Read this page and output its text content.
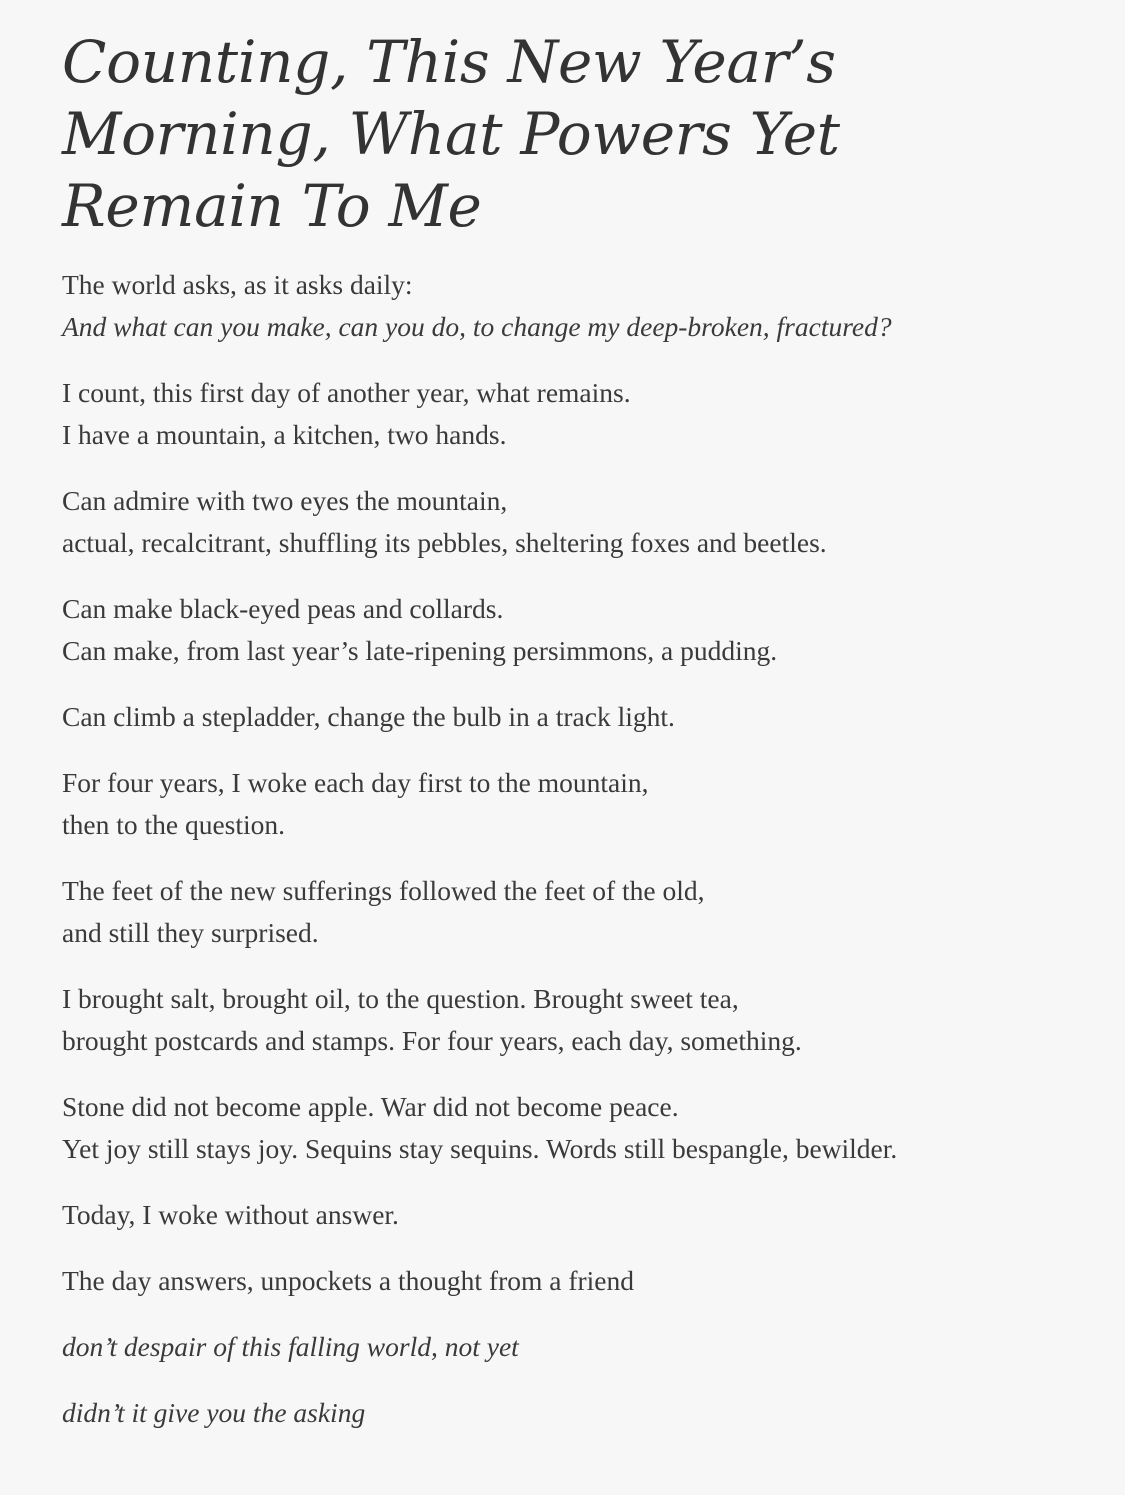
Counting, This New Year’s
Morning, What Powers Yet
Remain To Me
The world asks, as it asks daily:
And what can you make, can you do, to change my deep-broken, fractured?
I count, this first day of another year, what remains.
I have a mountain, a kitchen, two hands.
Can admire with two eyes the mountain,
actual, recalcitrant, shuffling its pebbles, sheltering foxes and beetles.
Can make black-eyed peas and collards.
Can make, from last year’s late-ripening persimmons, a pudding.
Can climb a stepladder, change the bulb in a track light.
For four years, I woke each day first to the mountain,
then to the question.
The feet of the new sufferings followed the feet of the old,
and still they surprised.
I brought salt, brought oil, to the question. Brought sweet tea,
brought postcards and stamps. For four years, each day, something.
Stone did not become apple. War did not become peace.
Yet joy still stays joy. Sequins stay sequins. Words still bespangle, bewilder.
Today, I woke without answer.
The day answers, unpockets a thought from a friend
don’t despair of this falling world, not yet
didn’t it give you the asking
